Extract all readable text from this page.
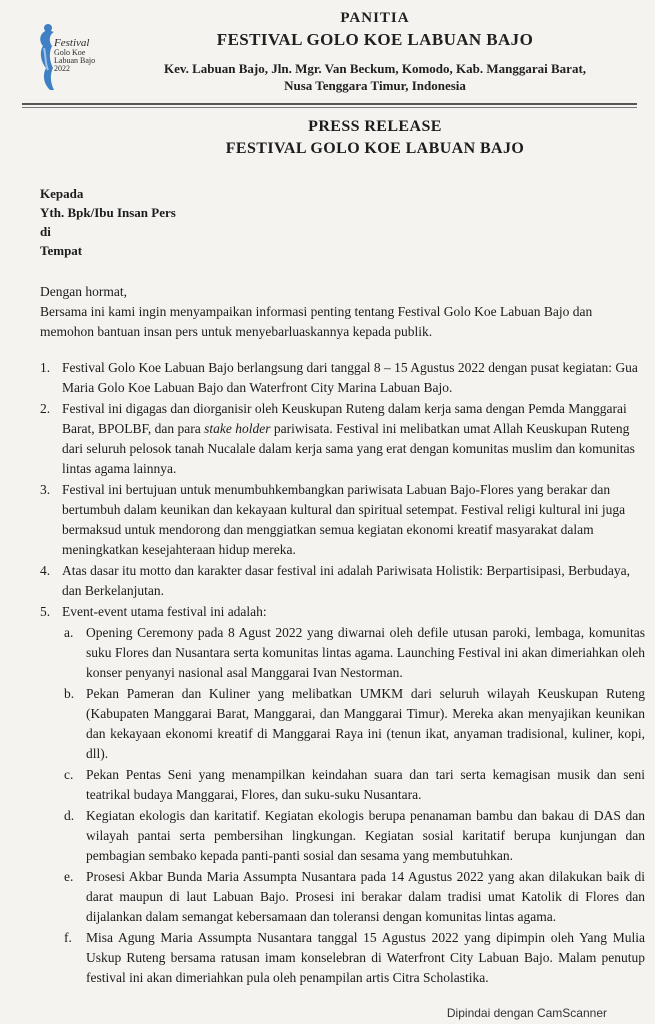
Festival
Golo Koe
Labuan Bajo
2022
PANITIA
FESTIVAL GOLO KOE LABUAN BAJO
Kev. Labuan Bajo, Jln. Mgr. Van Beckum, Komodo, Kab. Manggarai Barat,
Nusa Tenggara Timur, Indonesia
PRESS RELEASE
FESTIVAL GOLO KOE LABUAN BAJO
Kepada
Yth. Bpk/Ibu Insan Pers
di
Tempat
Dengan hormat,
Bersama ini kami ingin menyampaikan informasi penting tentang Festival Golo Koe Labuan Bajo dan memohon bantuan insan pers untuk menyebarluaskannya kepada publik.
1. Festival Golo Koe Labuan Bajo berlangsung dari tanggal 8 – 15 Agustus 2022 dengan pusat kegiatan: Gua Maria Golo Koe Labuan Bajo dan Waterfront City Marina Labuan Bajo.
2. Festival ini digagas dan diorganisir oleh Keuskupan Ruteng dalam kerja sama dengan Pemda Manggarai Barat, BPOLBF, dan para stake holder pariwisata. Festival ini melibatkan umat Allah Keuskupan Ruteng dari seluruh pelosok tanah Nucalale dalam kerja sama yang erat dengan komunitas muslim dan komunitas lintas agama lainnya.
3. Festival ini bertujuan untuk menumbuhkembangkan pariwisata Labuan Bajo-Flores yang berakar dan bertumbuh dalam keunikan dan kekayaan kultural dan spiritual setempat. Festival religi kultural ini juga bermaksud untuk mendorong dan menggiatkan semua kegiatan ekonomi kreatif masyarakat dalam meningkatkan kesejahteraan hidup mereka.
4. Atas dasar itu motto dan karakter dasar festival ini adalah Pariwisata Holistik: Berpartisipasi, Berbudaya, dan Berkelanjutan.
5. Event-event utama festival ini adalah:
a. Opening Ceremony pada 8 Agust 2022 yang diwarnai oleh defile utusan paroki, lembaga, komunitas suku Flores dan Nusantara serta komunitas lintas agama. Launching Festival ini akan dimeriahkan oleh konser penyanyi nasional asal Manggarai Ivan Nestorman.
b. Pekan Pameran dan Kuliner yang melibatkan UMKM dari seluruh wilayah Keuskupan Ruteng (Kabupaten Manggarai Barat, Manggarai, dan Manggarai Timur). Mereka akan menyajikan keunikan dan kekayaan ekonomi kreatif di Manggarai Raya ini (tenun ikat, anyaman tradisional, kuliner, kopi, dll).
c. Pekan Pentas Seni yang menampilkan keindahan suara dan tari serta kemagisan musik dan seni teatrikal budaya Manggarai, Flores, dan suku-suku Nusantara.
d. Kegiatan ekologis dan karitatif. Kegiatan ekologis berupa penanaman bambu dan bakau di DAS dan wilayah pantai serta pembersihan lingkungan. Kegiatan sosial karitatif berupa kunjungan dan pembagian sembako kepada panti-panti sosial dan sesama yang membutuhkan.
e. Prosesi Akbar Bunda Maria Assumpta Nusantara pada 14 Agustus 2022 yang akan dilakukan baik di darat maupun di laut Labuan Bajo. Prosesi ini berakar dalam tradisi umat Katolik di Flores dan dijalankan dalam semangat kebersamaan dan toleransi dengan komunitas lintas agama.
f.	Misa Agung Maria Assumpta Nusantara tanggal 15 Agustus 2022 yang dipimpin oleh Yang Mulia Uskup Ruteng bersama ratusan imam konselebran di Waterfront City Labuan Bajo. Malam penutup festival ini akan dimeriahkan pula oleh penampilan artis Citra Scholastika.
Dipindai dengan CamScanner
